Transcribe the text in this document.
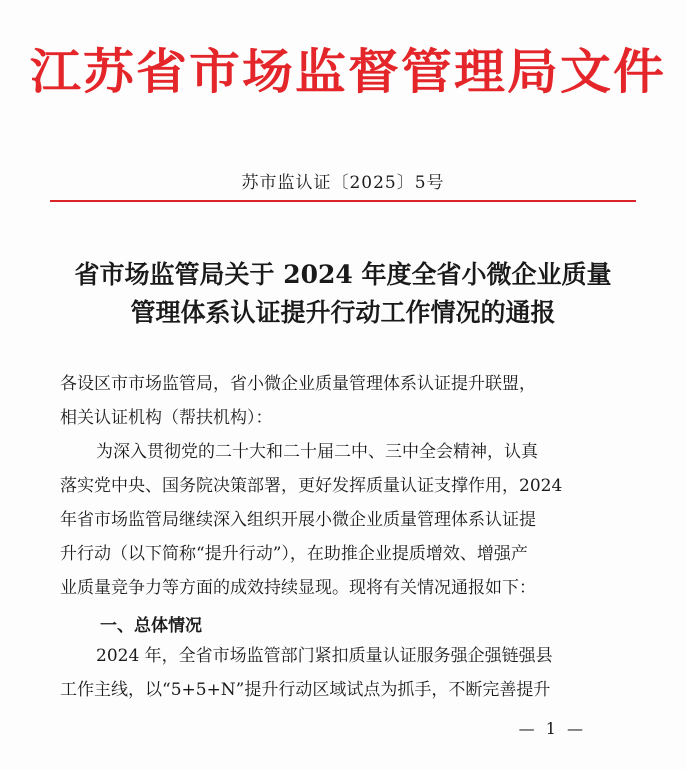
江苏省市场监督管理局文件
苏市监认证〔2025〕5号
省市场监管局关于 2024 年度全省小微企业质量
管理体系认证提升行动工作情况的通报
各设区市市场监管局，省小微企业质量管理体系认证提升联盟，
相关认证机构（帮扶机构）：
为深入贯彻党的二十大和二十届二中、三中全会精神，认真
落实党中央、国务院决策部署，更好发挥质量认证支撑作用，2024
年省市场监管局继续深入组织开展小微企业质量管理体系认证提
升行动（以下简称“提升行动”），在助推企业提质增效、增强产
业质量竞争力等方面的成效持续显现。现将有关情况通报如下：
一、总体情况
2024 年，全省市场监管部门紧扣质量认证服务强企强链强县
工作主线，以“5+5+N”提升行动区域试点为抓手，不断完善提升
— 1 —
